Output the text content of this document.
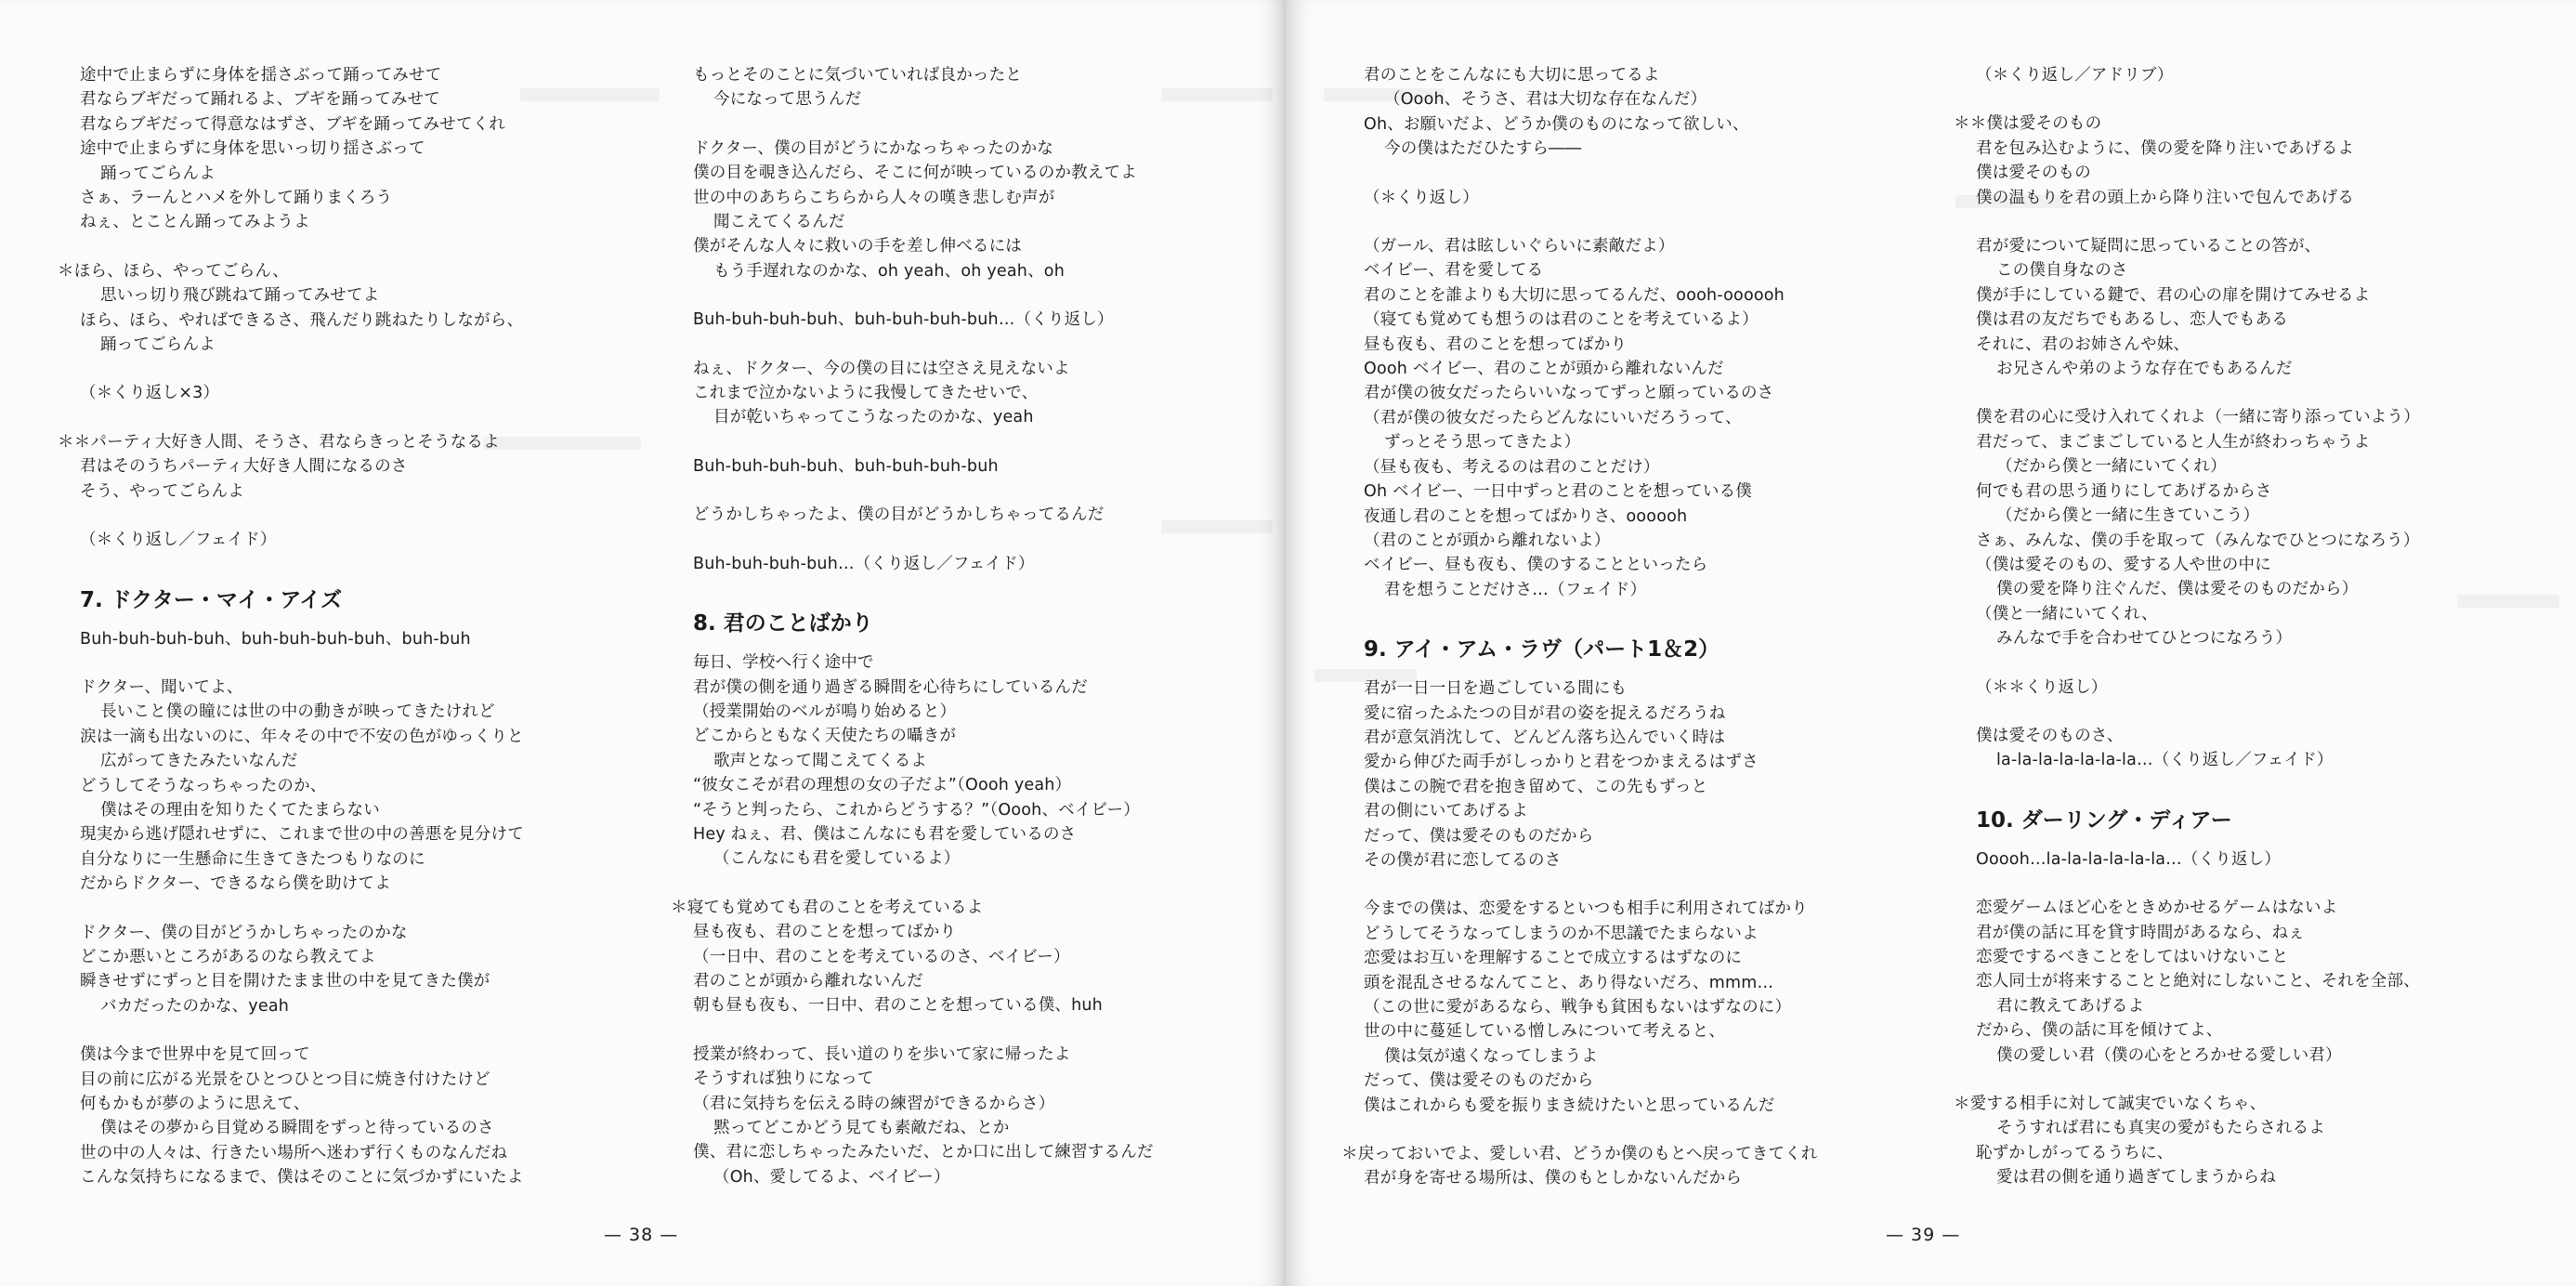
途中で止まらずに身体を揺さぶって踊ってみせて
君ならブギだって踊れるよ、ブギを踊ってみせて
君ならブギだって得意なはずさ、ブギを踊ってみせてくれ
途中で止まらずに身体を思いっ切り揺さぶって
踊ってごらんよ
さぁ、ラーんとハメを外して踊りまくろう
ねぇ、とことん踊ってみようよ
＊ほら、ほら、やってごらん、
思いっ切り飛び跳ねて踊ってみせてよ
ほら、ほら、やればできるさ、飛んだり跳ねたりしながら、
踊ってごらんよ
（＊くり返し×3）
＊＊パーティ大好き人間、そうさ、君ならきっとそうなるよ
君はそのうちパーティ大好き人間になるのさ
そう、やってごらんよ
（＊くり返し／フェイド）
7. ドクター・マイ・アイズ
Buh-buh-buh-buh、buh-buh-buh-buh、buh-buh
ドクター、聞いてよ、
長いこと僕の瞳には世の中の動きが映ってきたけれど
涙は一滴も出ないのに、年々その中で不安の色がゆっくりと
広がってきたみたいなんだ
どうしてそうなっちゃったのか、
僕はその理由を知りたくてたまらない
現実から逃げ隠れせずに、これまで世の中の善悪を見分けて
自分なりに一生懸命に生きてきたつもりなのに
だからドクター、できるなら僕を助けてよ
ドクター、僕の目がどうかしちゃったのかな
どこか悪いところがあるのなら教えてよ
瞬きせずにずっと目を開けたまま世の中を見てきた僕が
バカだったのかな、yeah
僕は今まで世界中を見て回って
目の前に広がる光景をひとつひとつ目に焼き付けたけど
何もかもが夢のように思えて、
僕はその夢から目覚める瞬間をずっと待っているのさ
世の中の人々は、行きたい場所へ迷わず行くものなんだね
こんな気持ちになるまで、僕はそのことに気づかずにいたよ
もっとそのことに気づいていれば良かったと
今になって思うんだ
ドクター、僕の目がどうにかなっちゃったのかな
僕の目を覗き込んだら、そこに何が映っているのか教えてよ
世の中のあちらこちらから人々の嘆き悲しむ声が
聞こえてくるんだ
僕がそんな人々に救いの手を差し伸べるには
もう手遅れなのかな、oh yeah、oh yeah、oh
Buh-buh-buh-buh、buh-buh-buh-buh…（くり返し）
ねぇ、ドクター、今の僕の目には空さえ見えないよ
これまで泣かないように我慢してきたせいで、
目が乾いちゃってこうなったのかな、yeah
Buh-buh-buh-buh、buh-buh-buh-buh
どうかしちゃったよ、僕の目がどうかしちゃってるんだ
Buh-buh-buh-buh…（くり返し／フェイド）
8. 君のことばかり
毎日、学校へ行く途中で
君が僕の側を通り過ぎる瞬間を心待ちにしているんだ
（授業開始のベルが鳴り始めると）
どこからともなく天使たちの囁きが
歌声となって聞こえてくるよ
“彼女こそが君の理想の女の子だよ”（Oooh yeah）
“そうと判ったら、これからどうする？”（Oooh、ベイビー）
Hey ねぇ、君、僕はこんなにも君を愛しているのさ
（こんなにも君を愛しているよ）
＊寝ても覚めても君のことを考えているよ
昼も夜も、君のことを想ってばかり
（一日中、君のことを考えているのさ、ベイビー）
君のことが頭から離れないんだ
朝も昼も夜も、一日中、君のことを想っている僕、huh
授業が終わって、長い道のりを歩いて家に帰ったよ
そうすれば独りになって
（君に気持ちを伝える時の練習ができるからさ）
黙ってどこかどう見ても素敵だね、とか
僕、君に恋しちゃったみたいだ、とか口に出して練習するんだ
（Oh、愛してるよ、ベイビー）
— 38 —
君のことをこんなにも大切に思ってるよ
（Oooh、そうさ、君は大切な存在なんだ）
Oh、お願いだよ、どうか僕のものになって欲しい、
今の僕はただひたすら――
（＊くり返し）
（ガール、君は眩しいぐらいに素敵だよ）
ベイビー、君を愛してる
君のことを誰よりも大切に思ってるんだ、oooh-oooooh
（寝ても覚めても想うのは君のことを考えているよ）
昼も夜も、君のことを想ってばかり
Oooh ベイビー、君のことが頭から離れないんだ
君が僕の彼女だったらいいなってずっと願っているのさ
（君が僕の彼女だったらどんなにいいだろうって、
ずっとそう思ってきたよ）
（昼も夜も、考えるのは君のことだけ）
Oh ベイビー、一日中ずっと君のことを想っている僕
夜通し君のことを想ってばかりさ、oooooh
（君のことが頭から離れないよ）
ベイビー、昼も夜も、僕のすることといったら
君を想うことだけさ…（フェイド）
9. アイ・アム・ラヴ（パート1＆2）
君が一日一日を過ごしている間にも
愛に宿ったふたつの目が君の姿を捉えるだろうね
君が意気消沈して、どんどん落ち込んでいく時は
愛から伸びた両手がしっかりと君をつかまえるはずさ
僕はこの腕で君を抱き留めて、この先もずっと
君の側にいてあげるよ
だって、僕は愛そのものだから
その僕が君に恋してるのさ
今までの僕は、恋愛をするといつも相手に利用されてばかり
どうしてそうなってしまうのか不思議でたまらないよ
恋愛はお互いを理解することで成立するはずなのに
頭を混乱させるなんてこと、あり得ないだろ、mmm…
（この世に愛があるなら、戦争も貧困もないはずなのに）
世の中に蔓延している憎しみについて考えると、
僕は気が遠くなってしまうよ
だって、僕は愛そのものだから
僕はこれからも愛を振りまき続けたいと思っているんだ
＊戻っておいでよ、愛しい君、どうか僕のもとへ戻ってきてくれ
君が身を寄せる場所は、僕のもとしかないんだから
（＊くり返し／アドリブ）
＊＊僕は愛そのもの
君を包み込むように、僕の愛を降り注いであげるよ
僕は愛そのもの
僕の温もりを君の頭上から降り注いで包んであげる
君が愛について疑問に思っていることの答が、
この僕自身なのさ
僕が手にしている鍵で、君の心の扉を開けてみせるよ
僕は君の友だちでもあるし、恋人でもある
それに、君のお姉さんや妹、
お兄さんや弟のような存在でもあるんだ
僕を君の心に受け入れてくれよ（一緒に寄り添っていよう）
君だって、まごまごしていると人生が終わっちゃうよ
（だから僕と一緒にいてくれ）
何でも君の思う通りにしてあげるからさ
（だから僕と一緒に生きていこう）
さぁ、みんな、僕の手を取って（みんなでひとつになろう）
（僕は愛そのもの、愛する人や世の中に
僕の愛を降り注ぐんだ、僕は愛そのものだから）
（僕と一緒にいてくれ、
みんなで手を合わせてひとつになろう）
（＊＊くり返し）
僕は愛そのものさ、
la-la-la-la-la-la-la…（くり返し／フェイド）
10. ダーリング・ディアー
Ooooh…la-la-la-la-la-la…（くり返し）
恋愛ゲームほど心をときめかせるゲームはないよ
君が僕の話に耳を貸す時間があるなら、ねぇ
恋愛でするべきことをしてはいけないこと
恋人同士が将来することと絶対にしないこと、それを全部、
君に教えてあげるよ
だから、僕の話に耳を傾けてよ、
僕の愛しい君（僕の心をとろかせる愛しい君）
＊愛する相手に対して誠実でいなくちゃ、
そうすれば君にも真実の愛がもたらされるよ
恥ずかしがってるうちに、
愛は君の側を通り過ぎてしまうからね
— 39 —
